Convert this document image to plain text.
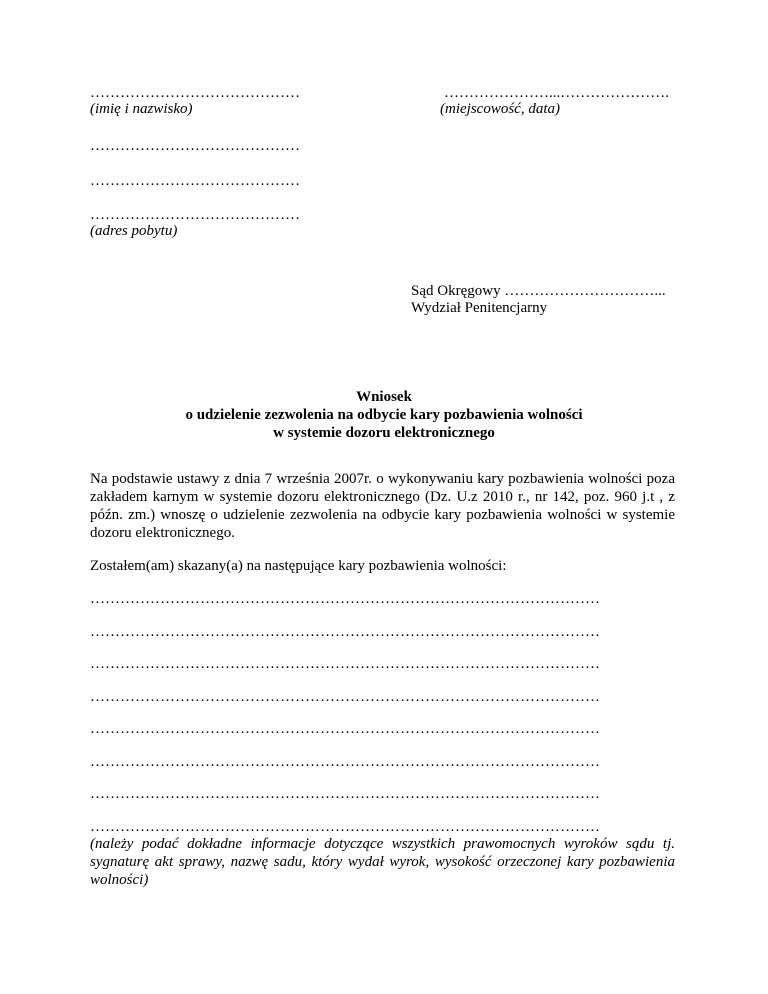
……………………………………
(imię i nazwisko)
…………………...………………….
(miejscowość, data)
……………………………………
……………………………………
……………………………………
(adres pobytu)
Sąd Okręgowy …………………………...
Wydział Penitencjarny
Wniosek
o udzielenie zezwolenia na odbycie kary pozbawienia wolności
w systemie dozoru elektronicznego
Na podstawie ustawy z dnia 7 września 2007r. o wykonywaniu kary pozbawienia wolności poza zakładem karnym w systemie dozoru elektronicznego (Dz. U.z 2010 r., nr 142, poz. 960 j.t , z późn. zm.) wnoszę o udzielenie zezwolenia na odbycie kary pozbawienia wolności w systemie dozoru elektronicznego.
Zostałem(am) skazany(a) na następujące kary pozbawienia wolności:
…………………………………………………………………………………………
…………………………………………………………………………………………
…………………………………………………………………………………………
…………………………………………………………………………………………
…………………………………………………………………………………………
…………………………………………………………………………………………
…………………………………………………………………………………………
…………………………………………………………………………………………
(należy podać dokładne informacje dotyczące wszystkich prawomocnych wyroków sądu tj. sygnaturę akt sprawy, nazwę sadu, który wydał wyrok, wysokość orzeczonej kary pozbawienia wolności)
